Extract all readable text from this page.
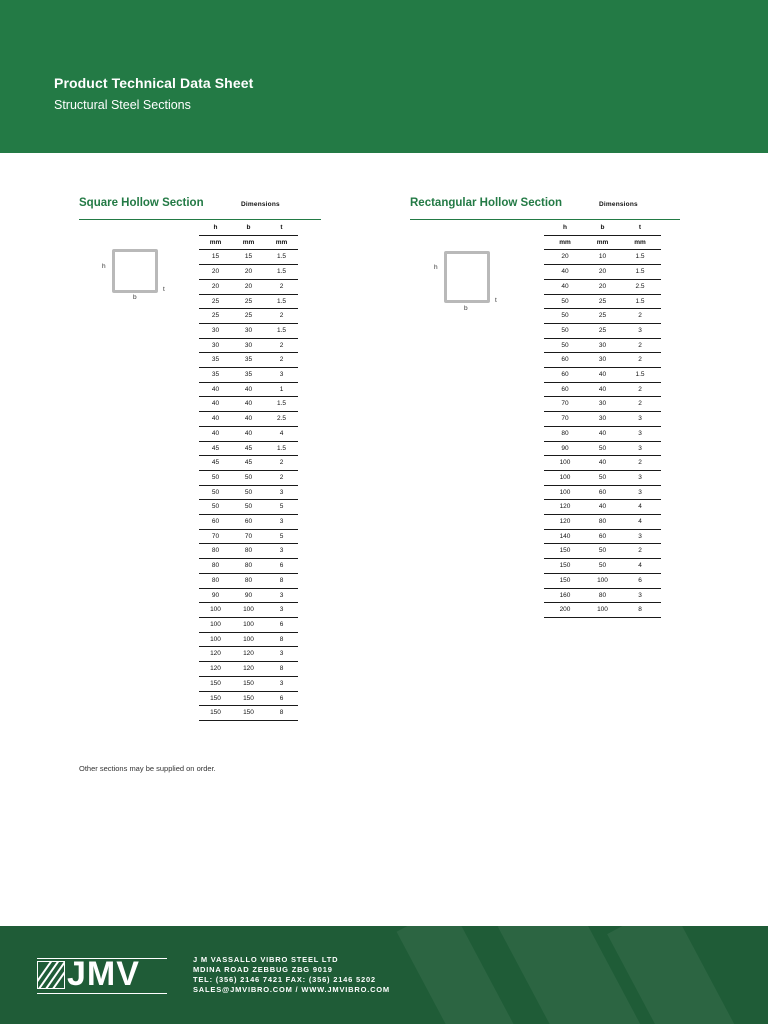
Product Technical Data Sheet
Structural Steel Sections
Square Hollow Section	Dimensions
h
b
t
h	b	t
mm	mm	mm
15	15	1.5
20	20	1.5
20	20	2
25	25	1.5
25	25	2
30	30	1.5
30	30	2
35	35	2
35	35	3
40	40	1
40	40	1.5
40	40	2.5
40	40	4
45	45	1.5
45	45	2
50	50	2
50	50	3
50	50	5
60	60	3
70	70	5
80	80	3
80	80	6
80	80	8
90	90	3
100	100	3
100	100	6
100	100	8
120	120	3
120	120	8
150	150	3
150	150	6
150	150	8
Rectangular Hollow Section	Dimensions
h
b
t
h	b	t
mm	mm	mm
20	10	1.5
40	20	1.5
40	20	2.5
50	25	1.5
50	25	2
50	25	3
50	30	2
60	30	2
60	40	1.5
60	40	2
70	30	2
70	30	3
80	40	3
90	50	3
100	40	2
100	50	3
100	60	3
120	40	4
120	80	4
140	60	3
150	50	2
150	50	4
150	100	6
160	80	3
200	100	8
Other sections may be supplied on order.
JMV	J M VASSALLO VIBRO STEEL LTD
MDINA ROAD ZEBBUG ZBG 9019
TEL: (356) 2146 7421 FAX: (356) 2146 5202
SALES@JMVIBRO.COM / WWW.JMVIBRO.COM
